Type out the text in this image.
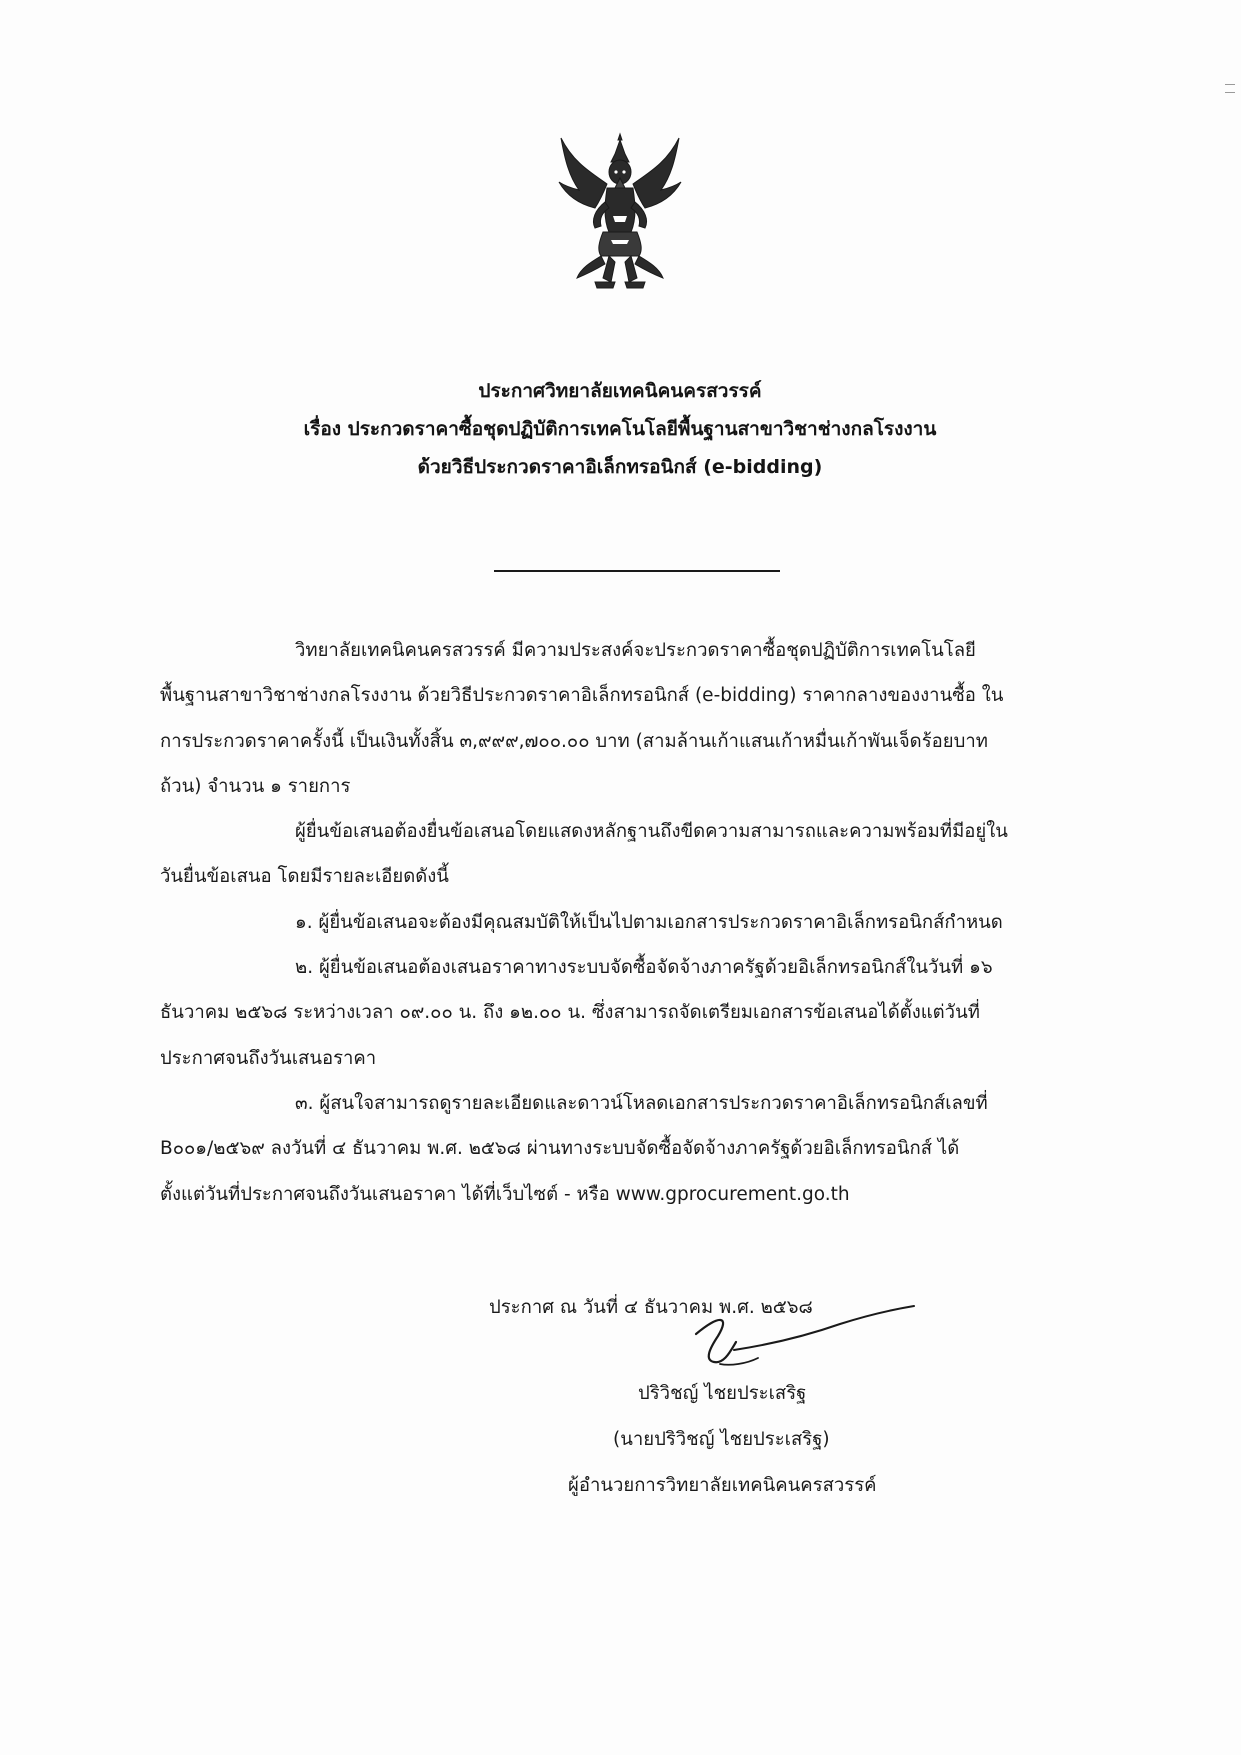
ประกาศวิทยาลัยเทคนิคนครสวรรค์
เรื่อง ประกวดราคาซื้อชุดปฏิบัติการเทคโนโลยีพื้นฐานสาขาวิชาช่างกลโรงงาน
ด้วยวิธีประกวดราคาอิเล็กทรอนิกส์ (e-bidding)
วิทยาลัยเทคนิคนครสวรรค์ มีความประสงค์จะประกวดราคาซื้อชุดปฏิบัติการเทคโนโลยี
พื้นฐานสาขาวิชาช่างกลโรงงาน ด้วยวิธีประกวดราคาอิเล็กทรอนิกส์ (e-bidding) ราคากลางของงานซื้อ ใน
การประกวดราคาครั้งนี้ เป็นเงินทั้งสิ้น ๓,๙๙๙,๗๐๐.๐๐ บาท (สามล้านเก้าแสนเก้าหมื่นเก้าพันเจ็ดร้อยบาท
ถ้วน) จำนวน ๑ รายการ
ผู้ยื่นข้อเสนอต้องยื่นข้อเสนอโดยแสดงหลักฐานถึงขีดความสามารถและความพร้อมที่มีอยู่ใน
วันยื่นข้อเสนอ โดยมีรายละเอียดดังนี้
๑. ผู้ยื่นข้อเสนอจะต้องมีคุณสมบัติให้เป็นไปตามเอกสารประกวดราคาอิเล็กทรอนิกส์กำหนด
๒. ผู้ยื่นข้อเสนอต้องเสนอราคาทางระบบจัดซื้อจัดจ้างภาครัฐด้วยอิเล็กทรอนิกส์ในวันที่ ๑๖
ธันวาคม ๒๕๖๘ ระหว่างเวลา ๐๙.๐๐ น. ถึง ๑๒.๐๐ น. ซึ่งสามารถจัดเตรียมเอกสารข้อเสนอได้ตั้งแต่วันที่
ประกาศจนถึงวันเสนอราคา
๓. ผู้สนใจสามารถดูรายละเอียดและดาวน์โหลดเอกสารประกวดราคาอิเล็กทรอนิกส์เลขที่
B๐๐๑/๒๕๖๙ ลงวันที่ ๔ ธันวาคม พ.ศ. ๒๕๖๘ ผ่านทางระบบจัดซื้อจัดจ้างภาครัฐด้วยอิเล็กทรอนิกส์ ได้
ตั้งแต่วันที่ประกาศจนถึงวันเสนอราคา ได้ที่เว็บไซต์ - หรือ www.gprocurement.go.th
ประกาศ ณ วันที่ ๔ ธันวาคม พ.ศ. ๒๕๖๘
ปริวิชญ์ ไชยประเสริฐ
(นายปริวิชญ์ ไชยประเสริฐ)
ผู้อำนวยการวิทยาลัยเทคนิคนครสวรรค์
